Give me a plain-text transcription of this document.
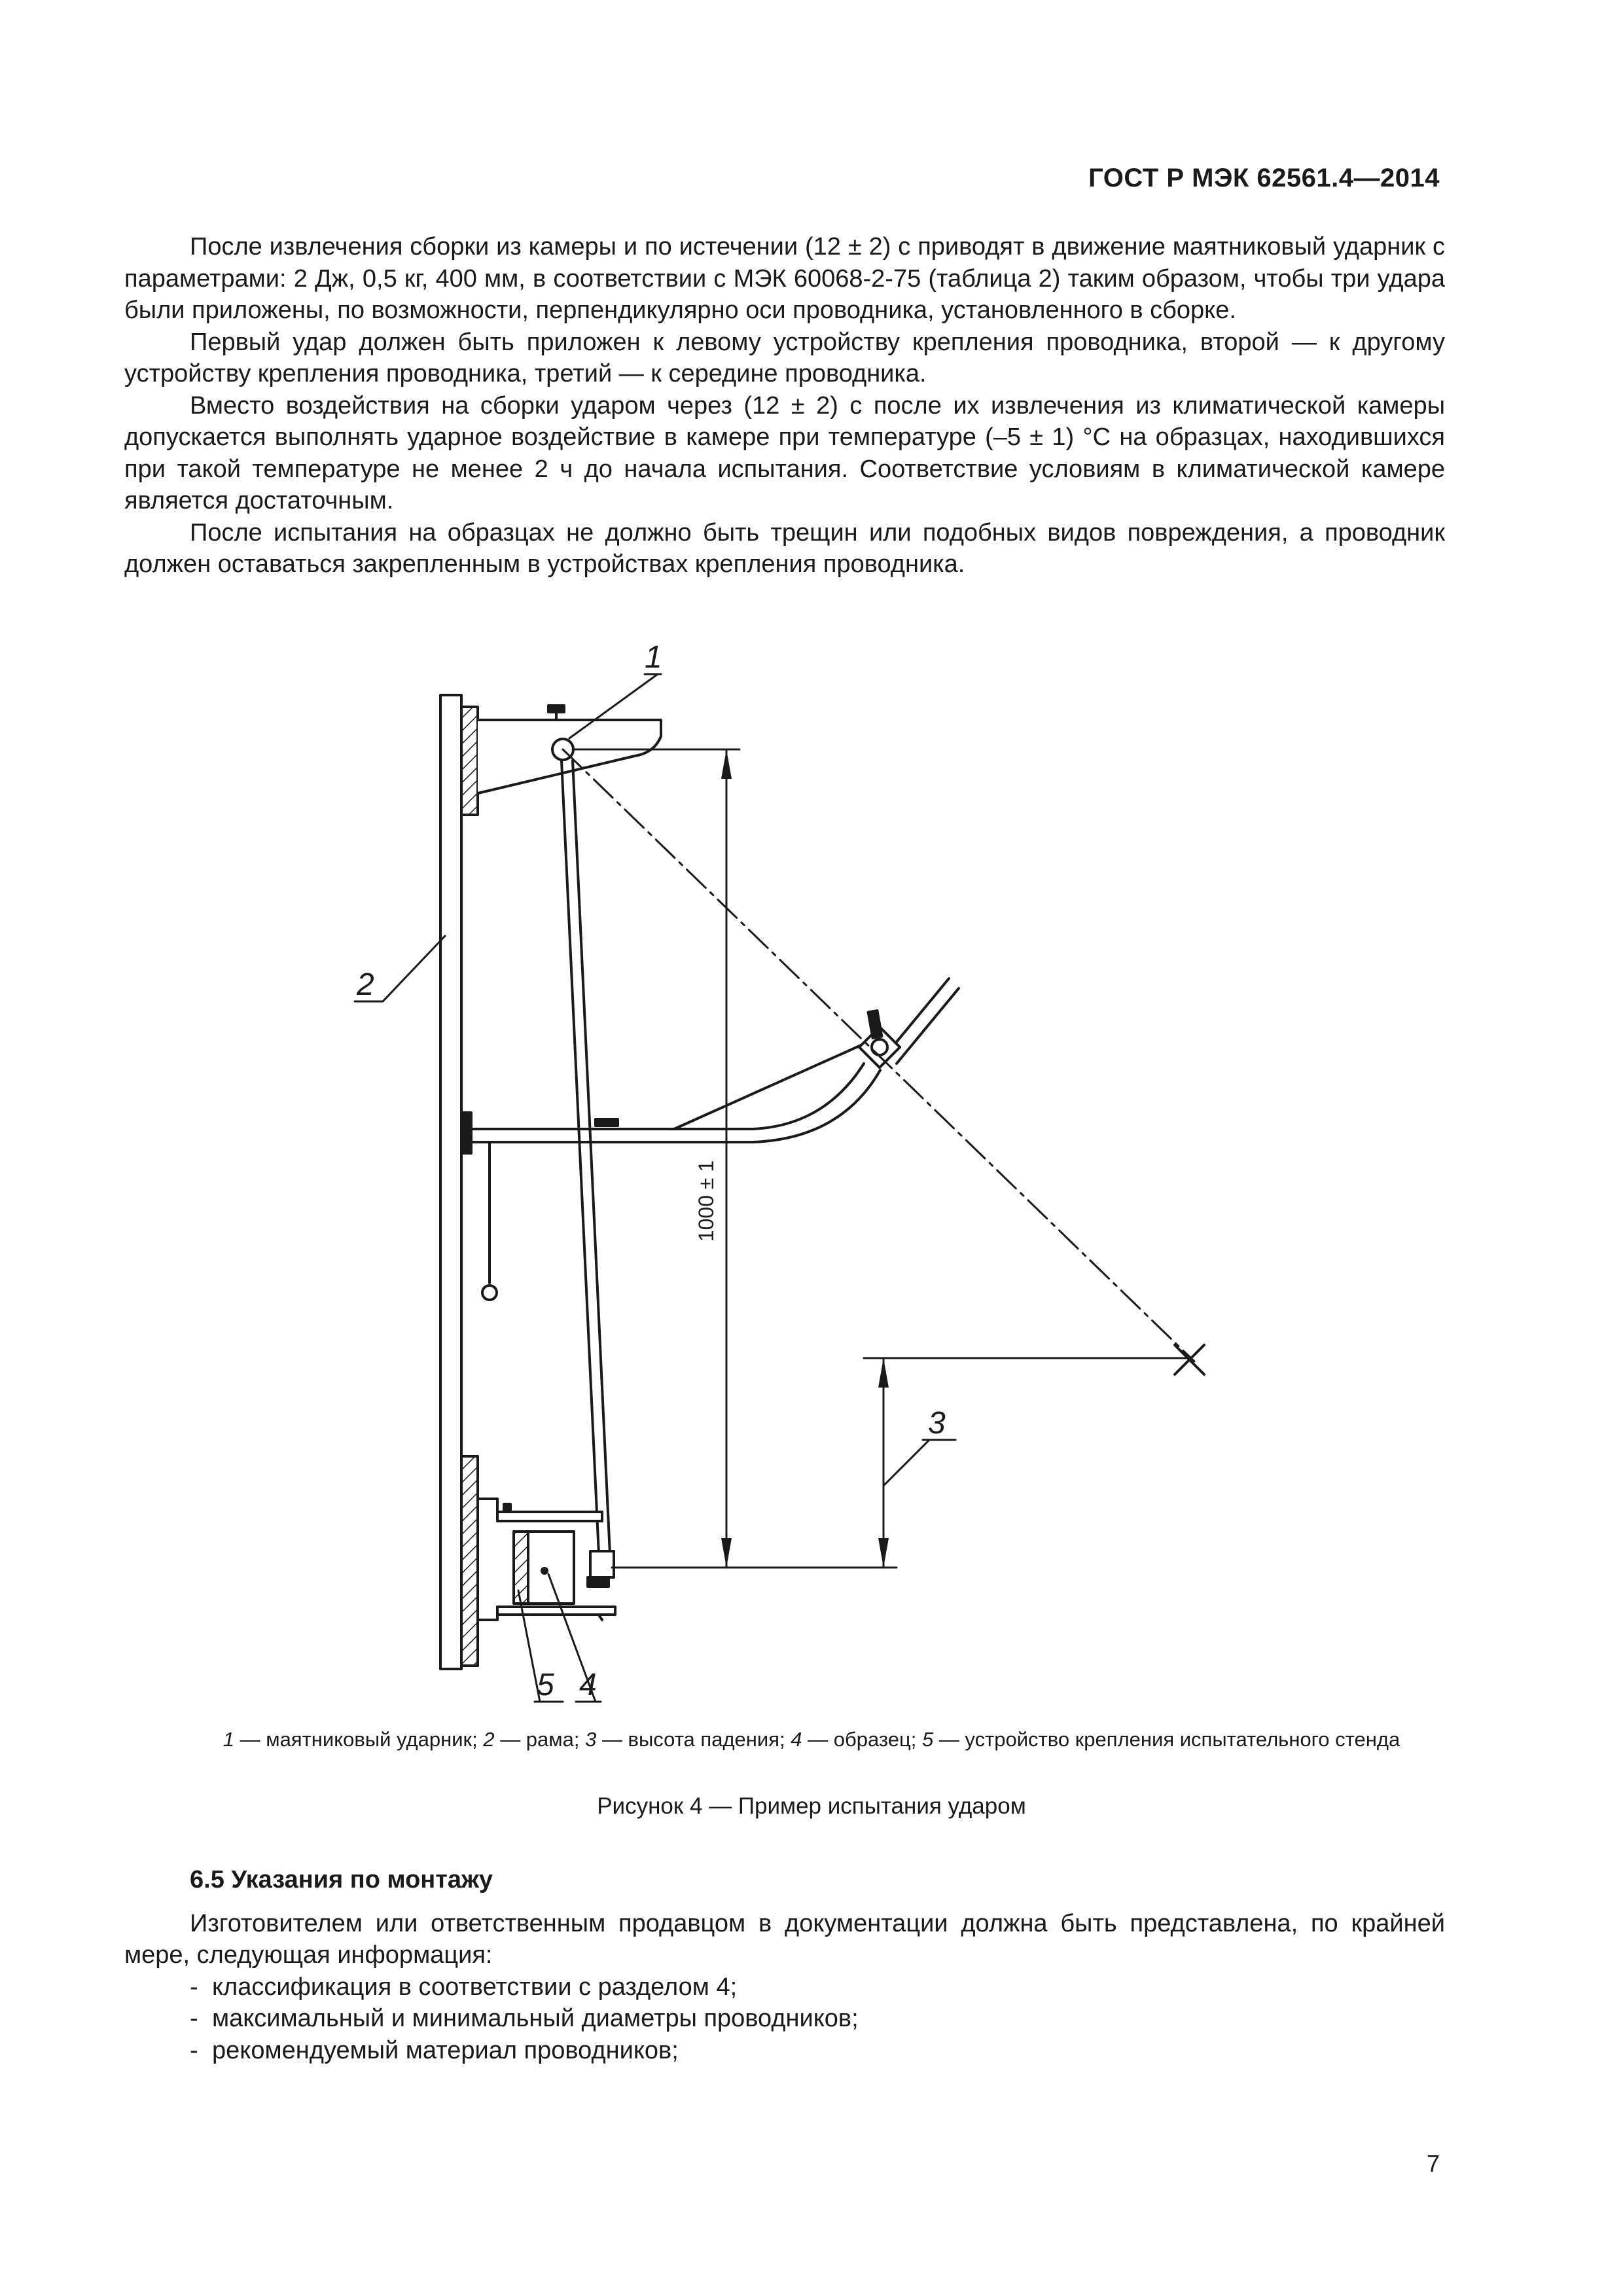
ГОСТ Р МЭК 62561.4—2014

После извлечения сборки из камеры и по истечении (12 ± 2) с приводят в движение маятниковый ударник с параметрами: 2 Дж, 0,5 кг, 400 мм, в соответствии с МЭК 60068-2-75 (таблица 2) таким образом, чтобы три удара были приложены, по возможности, перпендикулярно оси проводника, установленного в сборке.

Первый удар должен быть приложен к левому устройству крепления проводника, второй — к другому устройству крепления проводника, третий — к середине проводника.

Вместо воздействия на сборки ударом через (12 ± 2) с после их извлечения из климатической камеры допускается выполнять ударное воздействие в камере при температуре (–5 ± 1) °С на образцах, находившихся при такой температуре не менее 2 ч до начала испытания. Соответствие условиям в климатической камере является достаточным.

После испытания на образцах не должно быть трещин или подобных видов повреждения, а проводник должен оставаться закрепленным в устройствах крепления проводника.

1
2
3
4
5
1000 ± 1
1 — маятниковый ударник; 2 — рама; 3 — высота падения; 4 — образец; 5 — устройство крепления испытательного стенда
Рисунок 4 — Пример испытания ударом
6.5 Указания по монтажу

Изготовителем или ответственным продавцом в документации должна быть представлена, по крайней мере, следующая информация:

- классификация в соответствии с разделом 4;
- максимальный и минимальный диаметры проводников;
- рекомендуемый материал проводников;
7
